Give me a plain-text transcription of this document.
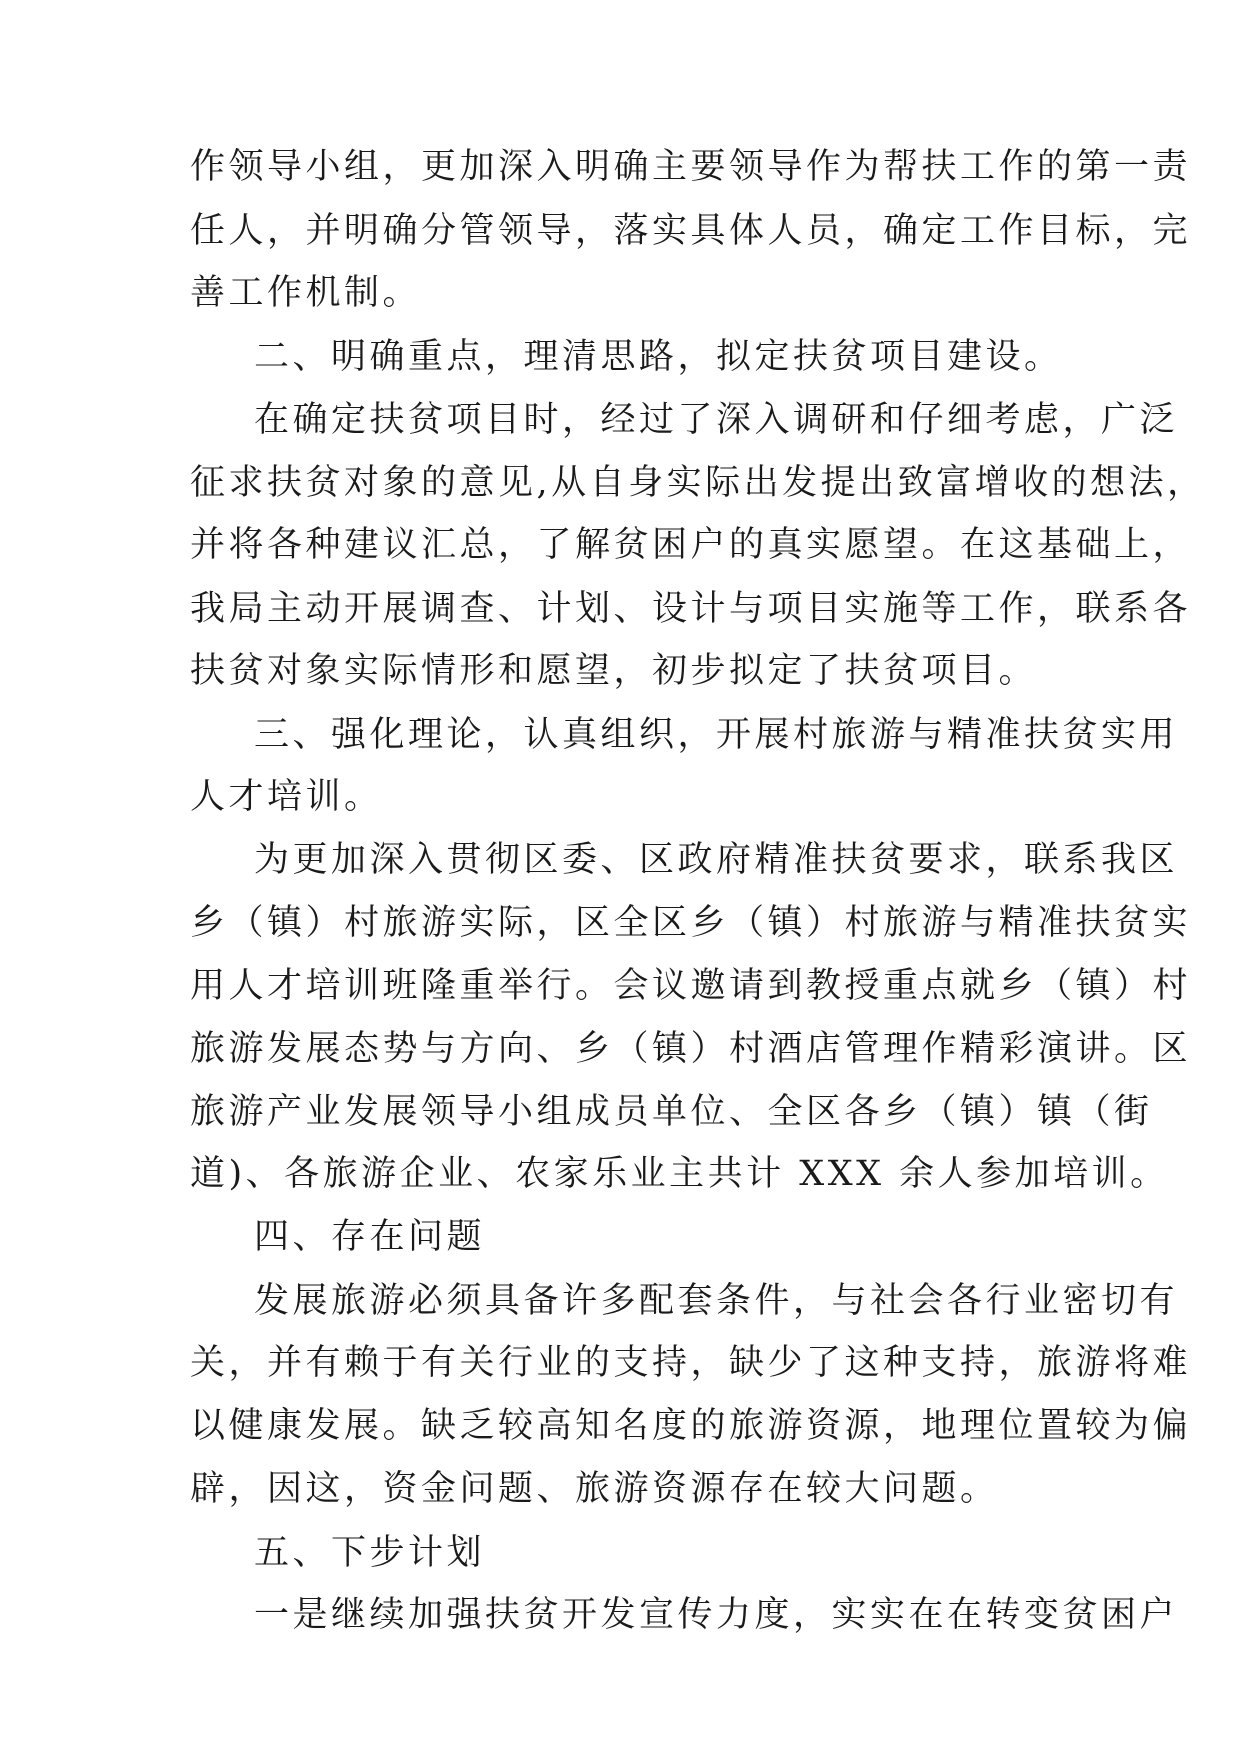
作领导小组，更加深入明确主要领导作为帮扶工作的第一责
任人，并明确分管领导，落实具体人员，确定工作目标，完
善工作机制。
二、明确重点，理清思路，拟定扶贫项目建设。
在确定扶贫项目时，经过了深入调研和仔细考虑，广泛
征求扶贫对象的意见,从自身实际出发提出致富增收的想法，
并将各种建议汇总，了解贫困户的真实愿望。在这基础上，
我局主动开展调查、计划、设计与项目实施等工作，联系各
扶贫对象实际情形和愿望，初步拟定了扶贫项目。
三、强化理论，认真组织，开展村旅游与精准扶贫实用
人才培训。
为更加深入贯彻区委、区政府精准扶贫要求，联系我区
乡（镇）村旅游实际，区全区乡（镇）村旅游与精准扶贫实
用人才培训班隆重举行。会议邀请到教授重点就乡（镇）村
旅游发展态势与方向、乡（镇）村酒店管理作精彩演讲。区
旅游产业发展领导小组成员单位、全区各乡（镇）镇（街
道)、各旅游企业、农家乐业主共计 XXX 余人参加培训。
四、存在问题
发展旅游必须具备许多配套条件，与社会各行业密切有
关，并有赖于有关行业的支持，缺少了这种支持，旅游将难
以健康发展。缺乏较高知名度的旅游资源，地理位置较为偏
辟，因这，资金问题、旅游资源存在较大问题。
五、下步计划
一是继续加强扶贫开发宣传力度，实实在在转变贫困户
